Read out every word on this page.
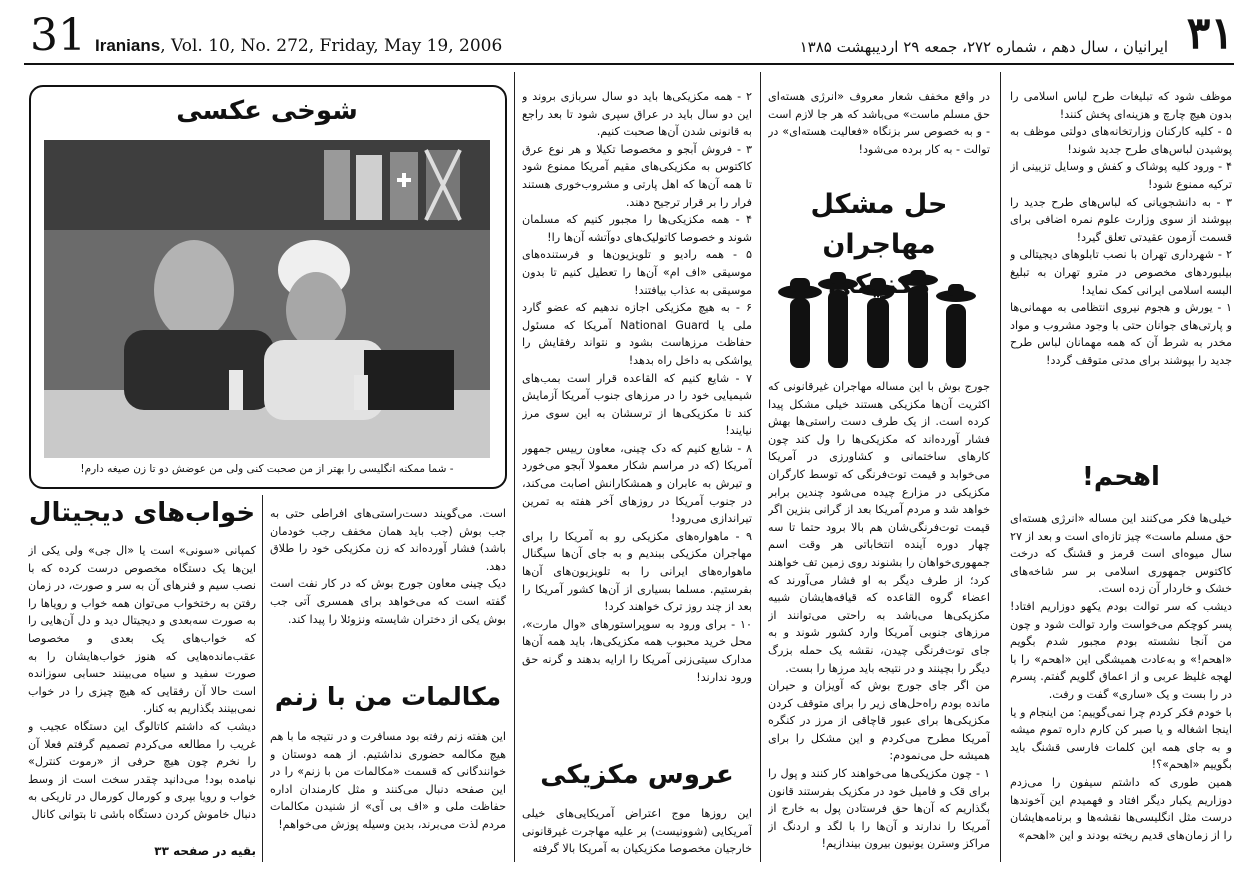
31 Iranians, Vol. 10, No. 272, Friday, May 19, 2006	۳۱
ایرانیان ، سال دهم ، شماره ۲۷۲، جمعه ۲۹ اردیبهشت ۱۳۸۵

موظف شود که تبلیغات طرح لباس اسلامی را بدون هیچ چارچ و هزینه‌ای پخش کنند!

۵ - کلیه کارکنان وزارتخانه‌های دولتی موظف به پوشیدن لباس‌های طرح جدید شوند!

۴ - ورود کلیه پوشاک و کفش و وسایل تزیینی از ترکیه ممنوع شود!

۳ - به دانشجویانی که لباس‌های طرح جدید را بپوشند از سوی وزارت علوم نمره اضافی برای قسمت آزمون عقیدتی تعلق گیرد!

۲ - شهرداری تهران با نصب تابلوهای دیجیتالی و بیلبوردهای مخصوص در مترو تهران به تبلیغ البسه اسلامی ایرانی کمک نماید!

۱ - یورش و هجوم نیروی انتظامی به مهمانی‌ها و پارتی‌های جوانان حتی با وجود مشروب و مواد مخدر به شرط آن که همه مهمانان لباس طرح جدید را بپوشند برای مدتی متوقف گردد!

اهحم!

خیلی‌ها فکر می‌کنند این مساله «انرژی هسته‌ای حق مسلم ماست» چیز تازه‌ای است و بعد از ۲۷ سال میوه‌ای است قرمز و قشنگ که درخت کاکتوس جمهوری اسلامی بر سر شاخه‌های خشک و خاردار آن زده است.

دیشب که سر توالت بودم یکهو دوزاریم افتاد! پسر کوچکم می‌خواست وارد توالت شود و چون من آنجا نشسته بودم مجبور شدم بگویم «اهحم!» و به‌عادت همیشگی این «اهحم» را با لهجه غلیظ عربی و از اعماق گلویم گفتم. پسرم در را بست و یک «ساری» گفت و رفت.

با خودم فکر کردم چرا نمی‌گوییم: من اینجام و یا اینجا اشغاله و یا صبر کن کارم داره تموم میشه و به جای همه این کلمات فارسی قشنگ باید بگوییم «اهحم»؟!

همین طوری که داشتم سیفون را می‌زدم دوزاریم یکبار دیگر افتاد و فهمیدم این آخوندها درست مثل انگلیسی‌ها نقشه‌ها و برنامه‌هایشان را از زمان‌های قدیم ریخته بودند و این «اهحم»

در واقع مخفف شعار معروف «انرژی هسته‌ای حق مسلم ماست» می‌باشد که هر جا لازم است - و به خصوص سر بزنگاه «فعالیت هسته‌ای» در توالت - به کار برده می‌شود!

حل مشکل مهاجران

جورج بوش با این مساله مهاجران غیرقانونی که اکثریت آن‌ها مکزیکی هستند خیلی مشکل پیدا کرده است. از یک طرف دست راستی‌ها بهش فشار آورده‌اند که مکزیکی‌ها را ول کند چون کارهای ساختمانی و کشاورزی در آمریکا می‌خوابد و قیمت توت‌فرنگی که توسط کارگران مکزیکی در مزارع چیده می‌شود چندین برابر خواهد شد و مردم آمریکا بعد از گرانی بنزین اگر قیمت توت‌فرنگی‌شان هم بالا برود حتما تا سه چهار دوره آینده انتخاباتی هر وقت اسم جمهوری‌خواهان را بشنوند روی زمین تف خواهند کرد؛ از طرف دیگر به او فشار می‌آورند که اعضاء گروه القاعده که قیافه‌هایشان شبیه مکزیکی‌ها می‌باشد به راحتی می‌توانند از مرزهای جنوبی آمریکا وارد کشور شوند و به جای توت‌فرنگی چیدن، نقشه یک حمله بزرگ دیگر را بچینند و در نتیجه باید مرزها را بست.

من اگر جای جورج بوش که آویزان و حیران مانده بودم راه‌حل‌های زیر را برای متوقف کردن مکزیکی‌ها برای عبور قاچاقی از مرز در کنگره آمریکا مطرح می‌کردم و این مشکل را برای همیشه حل می‌نمودم:

۱ - چون مکزیکی‌ها می‌خواهند کار کنند و پول را برای قک و فامیل خود در مکزیک بفرستند قانون بگذاریم که آن‌ها حق فرستادن پول به خارج از آمریکا را ندارند و آن‌ها را با لگد و اردنگ از مراکز وسترن یونیون بیرون بیندازیم!

۲ - همه مکزیکی‌ها باید دو سال سربازی بروند و این دو سال باید در عراق سپری شود تا بعد راجع به قانونی شدن آن‌ها صحبت کنیم.

۳ - فروش آبجو و مخصوصا تکیلا و هر نوع عرق کاکتوس به مکزیکی‌های مقیم آمریکا ممنوع شود تا همه آن‌ها که اهل پارتی و مشروب‌خوری هستند فرار را بر قرار ترجیح دهند.

۴ - همه مکزیکی‌ها را مجبور کنیم که مسلمان شوند و خصوصا کاتولیک‌های دوآتشه آن‌ها را!

۵ - همه رادیو و تلویزیون‌ها و فرستنده‌های موسیقی «اف ام» آن‌ها را تعطیل کنیم تا بدون موسیقی به عذاب بیافتند!

۶ - به هیچ مکزیکی اجازه ندهیم که عضو گارد ملی یا National Guard آمریکا که مسئول حفاظت مرزهاست بشود و نتواند رفقایش را یواشکی به داخل راه بدهد!

۷ - شایع کنیم که القاعده قرار است بمب‌های شیمیایی خود را در مرزهای جنوب آمریکا آزمایش کند تا مکزیکی‌ها از ترسشان به این سوی مرز نیایند!

۸ - شایع کنیم که دک چینی، معاون رییس جمهور آمریکا (که در مراسم شکار معمولا آبجو می‌خورد و تیرش به عابران و همشکارانش اصابت می‌کند، در جنوب آمریکا در روزهای آخر هفته به تمرین تیراندازی می‌رود!

۹ - ماهواره‌های مکزیکی رو به آمریکا را برای مهاجران مکزیکی ببندیم و به جای آن‌ها سیگنال ماهواره‌های ایرانی را به تلویزیون‌های آن‌ها بفرستیم. مسلما بسیاری از آن‌ها کشور آمریکا را بعد از چند روز ترک خواهند کرد!

۱۰ - برای ورود به سوپراستورهای «وال مارت»، محل خرید محبوب همه مکزیکی‌ها، باید همه آن‌ها مدارک سیتی‌زنی آمریکا را ارایه بدهند و گرنه حق ورود ندارند!

عروس مکزیکی

این روزها موج اعتراض آمریکایی‌های خیلی آمریکایی (شوونیست) بر علیه مهاجرت غیرقانونی خارجیان مخصوصا مکزیکیان به آمریکا بالا گرفته

شوخی عکسی
- شما ممکنه انگلیسی را بهتر از من صحبت کنی ولی من عوضش دو تا زن صیغه دارم!

است. می‌گویند دست‌راستی‌های افراطی حتی به جب بوش (جب باید همان مخفف رجب خودمان باشد) فشار آورده‌اند که زن مکزیکی خود را طلاق دهد.

دیک چینی معاون جورج بوش که در کار نفت است گفته است که می‌خواهد برای همسری آتی جب بوش یکی از دختران شایسته ونزوئلا را پیدا کند.

مکالمات من با زنم

این هفته زنم رفته بود مسافرت و در نتیجه ما با هم هیچ مکالمه حضوری نداشتیم. از همه دوستان و خوانندگانی که قسمت «مکالمات من با زنم» را در این صفحه دنبال می‌کنند و مثل کارمندان اداره حفاظت ملی و «اف بی آی» از شنیدن مکالمات مردم لذت می‌برند، بدین وسیله پوزش می‌خواهم!

خواب‌های دیجیتال

کمپانی «سونی» است یا «ال جی» ولی یکی از این‌ها یک دستگاه مخصوص درست کرده که با نصب سیم و فنرهای آن به سر و صورت، در زمان رفتن به رختخواب می‌توان همه خواب و رویاها را به صورت سه‌بعدی و دیجیتال دید و دل آن‌هایی را که خواب‌های یک بعدی و مخصوصا عقب‌مانده‌هایی که هنوز خواب‌هایشان را به صورت سفید و سیاه می‌بینند حسابی سوزانده است حالا آن رفقایی که هیچ چیزی را در خواب نمی‌بینند بگذاریم به کنار.

دیشب که داشتم کاتالوگ این دستگاه عجیب و غریب را مطالعه می‌کردم تصمیم گرفتم فعلا آن را نخرم چون هیچ حرفی از «رموت کنترل» نیامده بود! می‌دانید چقدر سخت است از وسط خواب و رویا بپری و کورمال کورمال در تاریکی به دنبال خاموش کردن دستگاه باشی تا بتوانی کانال

بقیه در صفحه ۳۳
